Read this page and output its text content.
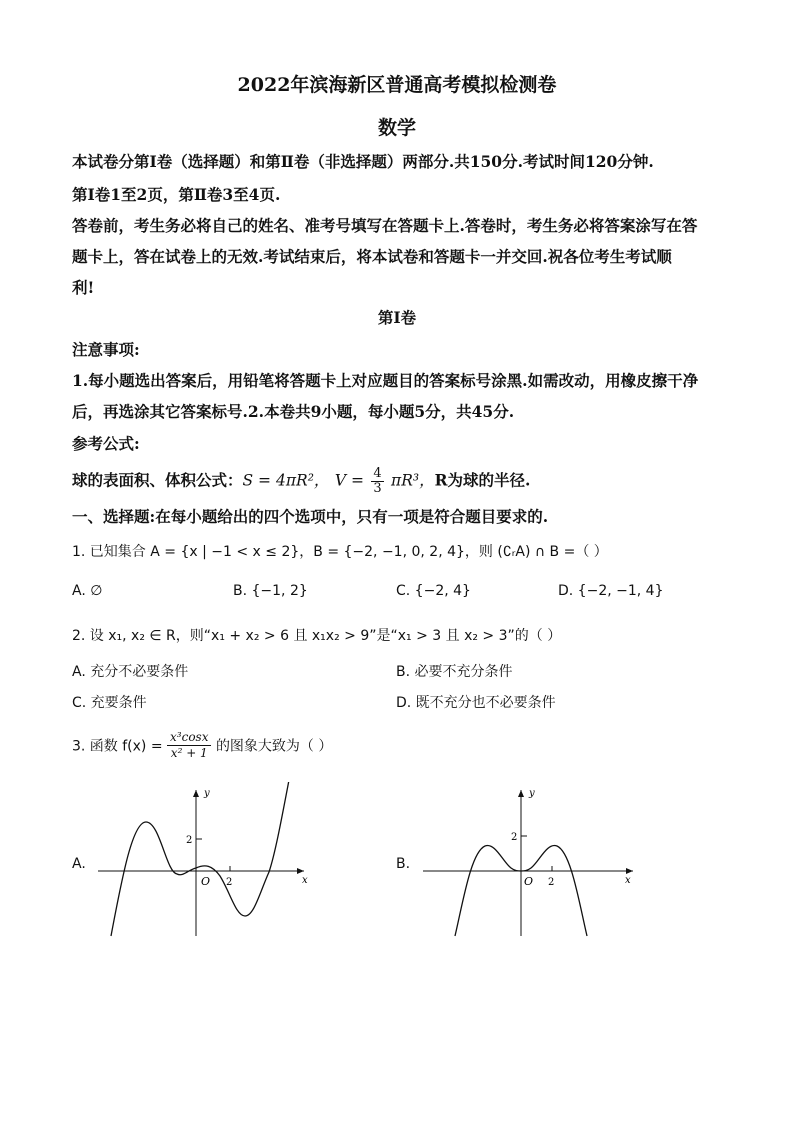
2022年滨海新区普通高考模拟检测卷
数学
本试卷分第Ⅰ卷（选择题）和第Ⅱ卷（非选择题）两部分.共150分.考试时间120分钟.
第Ⅰ卷1至2页，第Ⅱ卷3至4页.
答卷前，考生务必将自己的姓名、准考号填写在答题卡上.答卷时，考生务必将答案涂写在答
题卡上，答在试卷上的无效.考试结束后，将本试卷和答题卡一并交回.祝各位考生考试顺
利!
第Ⅰ卷
注意事项:
1.每小题选出答案后，用铅笔将答题卡上对应题目的答案标号涂黑.如需改动，用橡皮擦干净
后，再选涂其它答案标号.2.本卷共9小题，每小题5分，共45分.
参考公式:
球的表面积、体积公式：S = 4πR²， $V = \frac{4}{3} \pi R^3$，R为球的半径.
一、选择题:在每小题给出的四个选项中，只有一项是符合题目要求的.
1. 已知集合 A = {x | −1 < x ≤ 2}，B = {−2, −1, 0, 2, 4}，则 (∁ᵣA) ∩ B =（ ）
A. ∅	B. {−1, 2}	C. {−2, 4}	D. {−2, −1, 4}
2. 设 x₁, x₂ ∈ R，则“x₁ + x₂ > 6 且 x₁x₂ > 9”是“x₁ > 3 且 x₂ > 3”的（ ）
A. 充分不必要条件	B. 必要不充分条件
C. 充要条件	D. 既不充分也不必要条件
3. 函数 $f(x) = \frac{\text{x³cosx}}{\text{x² + 1}}$ 的图象大致为（ ）
A.
y
x
O 2
2
B.
y
x
O 2
2
